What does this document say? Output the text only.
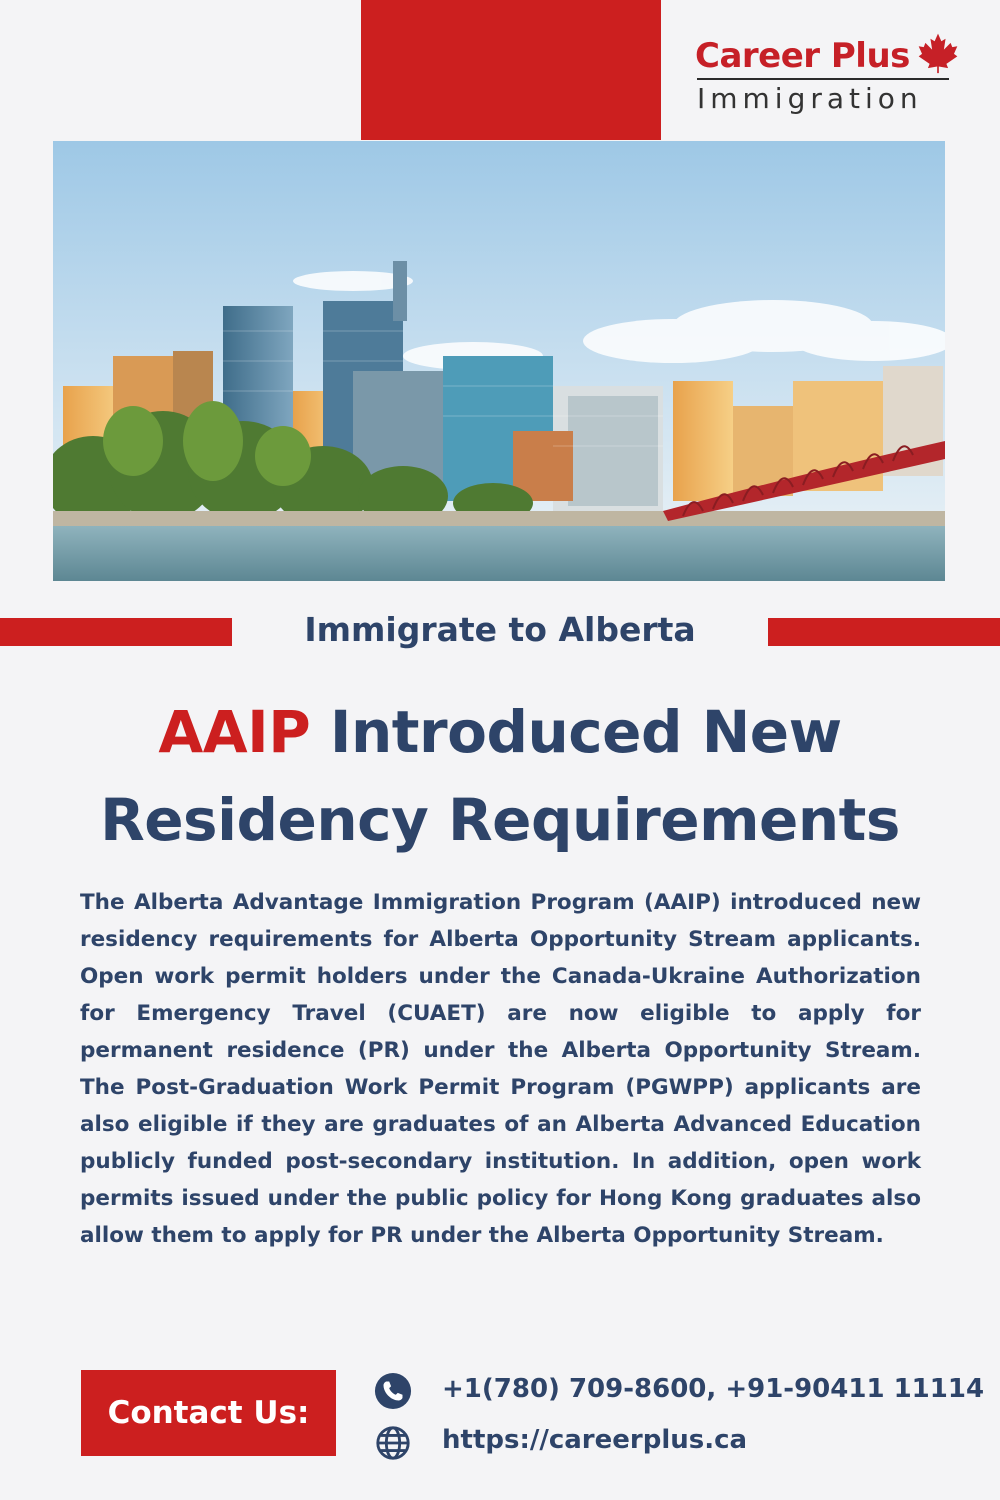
Career Plus
Immigration
Immigrate to Alberta
AAIP Introduced New
Residency Requirements
The Alberta Advantage Immigration Program (AAIP) introduced new residency requirements for Alberta Opportunity Stream applicants. Open work permit holders under the Canada-Ukraine Authorization for Emergency Travel (CUAET) are now eligible to apply for permanent residence (PR) under the Alberta Opportunity Stream. The Post-Graduation Work Permit Program (PGWPP) applicants are also eligible if they are graduates of an Alberta Advanced Education publicly funded post-secondary institution. In addition, open work permits issued under the public policy for Hong Kong graduates also allow them to apply for PR under the Alberta Opportunity Stream.
Contact Us:
+1(780) 709-8600, +91-90411 11114
https://careerplus.ca
